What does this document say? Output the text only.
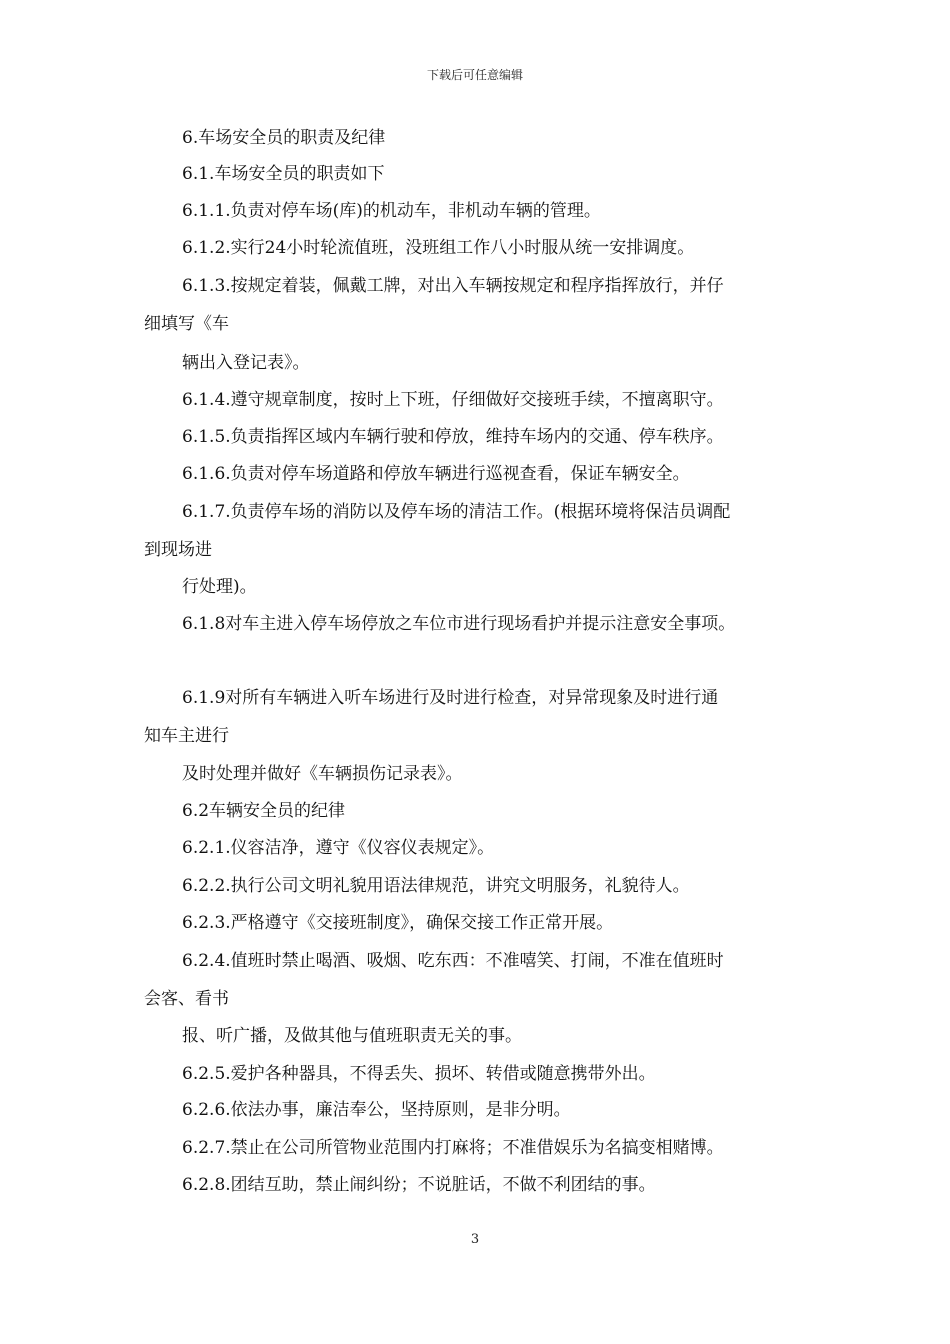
下载后可任意编辑
6.车场安全员的职责及纪律
6.1.车场安全员的职责如下
6.1.1.负责对停车场(库)的机动车，非机动车辆的管理。
6.1.2.实行24小时轮流值班，没班组工作八小时服从统一安排调度。
6.1.3.按规定着装，佩戴工牌，对出入车辆按规定和程序指挥放行，并仔
细填写《车
辆出入登记表》。
6.1.4.遵守规章制度，按时上下班，仔细做好交接班手续，不擅离职守。
6.1.5.负责指挥区域内车辆行驶和停放，维持车场内的交通、停车秩序。
6.1.6.负责对停车场道路和停放车辆进行巡视查看，保证车辆安全。
6.1.7.负责停车场的消防以及停车场的清洁工作。(根据环境将保洁员调配
到现场进
行处理)。
6.1.8对车主进入停车场停放之车位市进行现场看护并提示注意安全事项。
6.1.9对所有车辆进入听车场进行及时进行检查，对异常现象及时进行通
知车主进行
及时处理并做好《车辆损伤记录表》。
6.2车辆安全员的纪律
6.2.1.仪容洁净，遵守《仪容仪表规定》。
6.2.2.执行公司文明礼貌用语法律规范，讲究文明服务，礼貌待人。
6.2.3.严格遵守《交接班制度》，确保交接工作正常开展。
6.2.4.值班时禁止喝酒、吸烟、吃东西：不准嘻笑、打闹，不准在值班时
会客、看书
报、听广播，及做其他与值班职责无关的事。
6.2.5.爱护各种器具，不得丢失、损坏、转借或随意携带外出。
6.2.6.依法办事，廉洁奉公，坚持原则，是非分明。
6.2.7.禁止在公司所管物业范围内打麻将；不准借娱乐为名搞变相赌博。
6.2.8.团结互助，禁止闹纠纷；不说脏话，不做不利团结的事。
3
